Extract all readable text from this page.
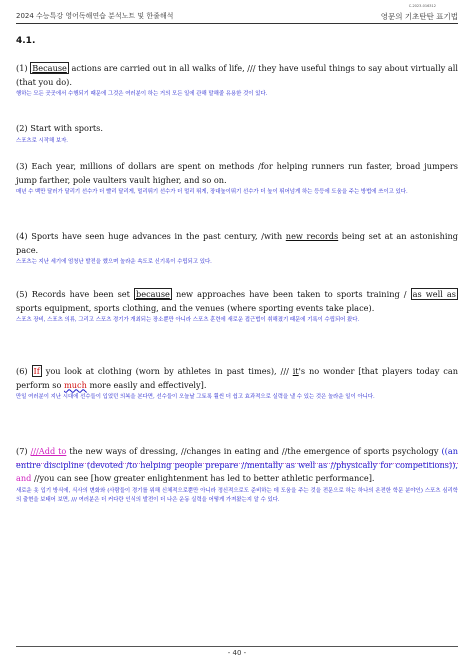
2024 수능특강 영어독해연습 분석노트 및 한줄해석
C-2023-016312
영문의 기초탄탄 표기법
4.1.

(1) Because actions are carried out in all walks of life, /// they have useful things to say about virtually all (that you do).

행하는 모든 곳곳에서 수행되기 때문에 그것은 여러분이 하는 거의 모든 일에 관해 말해줄 유용한 것이 있다.

(2) Start with sports.

스포츠로 시작해 보자.

(3) Each year, millions of dollars are spent on methods /for helping runners run faster, broad jumpers jump farther, pole vaulters vault higher, and so on.

매년 수 백만 달러가 달리기 선수가 더 빨리 달리게, 멀리뛰기 선수가 더 멀리 뛰게, 장대높이뛰기 선수가 더 높이 뛰어넘게 하는 등등에 도움을 주는 방법에 쓰이고 있다.

(4) Sports have seen huge advances in the past century, /with new records being set at an astonishing pace.

스포츠는 지난 세기에 엄청난 발전을 했으며 놀라운 속도로 신기록이 수립되고 있다.

(5) Records have been set because new approaches have been taken to sports training / as well as sports equipment, sports clothing, and the venues (where sporting events take place).

스포츠 장비, 스포츠 의류, 그리고 스포츠 경기가 개최되는 장소뿐만 아니라 스포츠 훈련에 새로운 접근법이 취해졌기 때문에 기록이 수립되어 왔다.

(6) If you look at clothing (worn by athletes in past times), /// it's no wonder [that players today can perform so much more easily and effectively].

만일 여러분이 지난 시대에 선수들이 입었던 의복을 본다면, 선수들이 오늘날 그토록 훨씬 더 쉽고 효과적으로 실력을 낼 수 있는 것은 놀라운 일이 아니다.

(7) ///Add to the new ways of dressing, //changes in eating and //the emergence of sports psychology ((an entire discipline (devoted /to helping people prepare //mentally as well as //physically for competitions)), and //you can see [how greater enlightenment has led to better athletic performance].

새로운 옷 입기 방식에, 식사의 변화와 (사람들이 경기를 위해 신체적으로뿐만 아니라 정신적으로도 준비하는 데 도움을 주는 것을 전문으로 하는 하나의 온전한 학문 분야인) 스포츠 심리학의 출현을 보태어 보면, /// 여러분은 더 커다란 인식의 발전이 더 나은 운동 실력을 어떻게 가져왔는지 알 수 있다.

- 40 -
